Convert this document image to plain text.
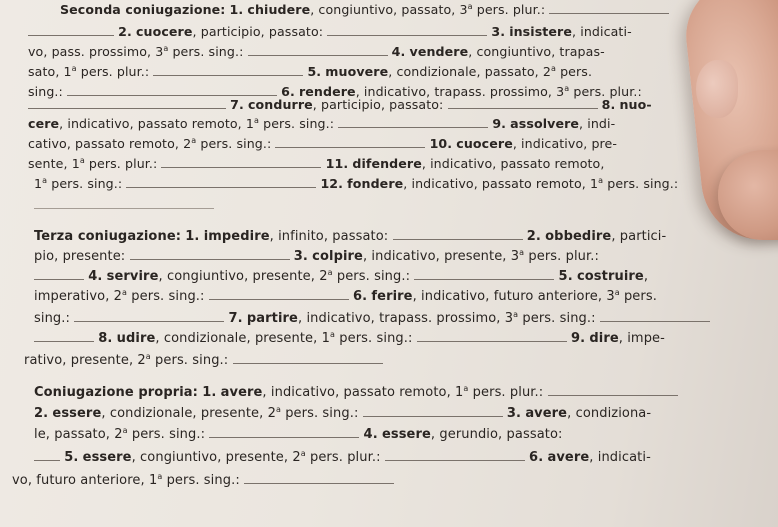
Seconda coniugazione: 1. chiudere, congiuntivo, passato, 3$^a$ pers. plur.:
2. cuocere, participio, passato:	3. insistere, indicati-
vo, pass. prossimo, 3$^a$ pers. sing.:	4. vendere, congiuntivo, trapas-
sato, 1$^a$ pers. plur.:	5. muovere, condizionale, passato, 2$^a$ pers.
sing.:	6. rendere, indicativo, trapass. prossimo, 3$^a$ pers. plur.:
7. condurre, participio, passato:	8. nuo-
cere, indicativo, passato remoto, 1$^a$ pers. sing.:	9. assolvere, indi-
cativo, passato remoto, 2$^a$ pers. sing.:	10. cuocere, indicativo, pre-
sente, 1$^a$ pers. plur.:	11. difendere, indicativo, passato remoto,
1$^a$ pers. sing.:	12. fondere, indicativo, passato remoto, 1$^a$ pers. sing.:
Terza coniugazione: 1. impedire, infinito, passato:	2. obbedire, partici-
pio, presente:	3. colpire, indicativo, presente, 3$^a$ pers. plur.:
4. servire, congiuntivo, presente, 2$^a$ pers. sing.:	5. costruire,
imperativo, 2$^a$ pers. sing.:	6. ferire, indicativo, futuro anteriore, 3$^a$ pers.
sing.:	7. partire, indicativo, trapass. prossimo, 3$^a$ pers. sing.:
8. udire, condizionale, presente, 1$^a$ pers. sing.:	9. dire, impe-
rativo, presente, 2$^a$ pers. sing.:
Coniugazione propria: 1. avere, indicativo, passato remoto, 1$^a$ pers. plur.:
2. essere, condizionale, presente, 2$^a$ pers. sing.:	3. avere, condiziona-
le, passato, 2$^a$ pers. sing.:	4. essere, gerundio, passato:
5. essere, congiuntivo, presente, 2$^a$ pers. plur.:	6. avere, indicati-
vo, futuro anteriore, 1$^a$ pers. sing.:
